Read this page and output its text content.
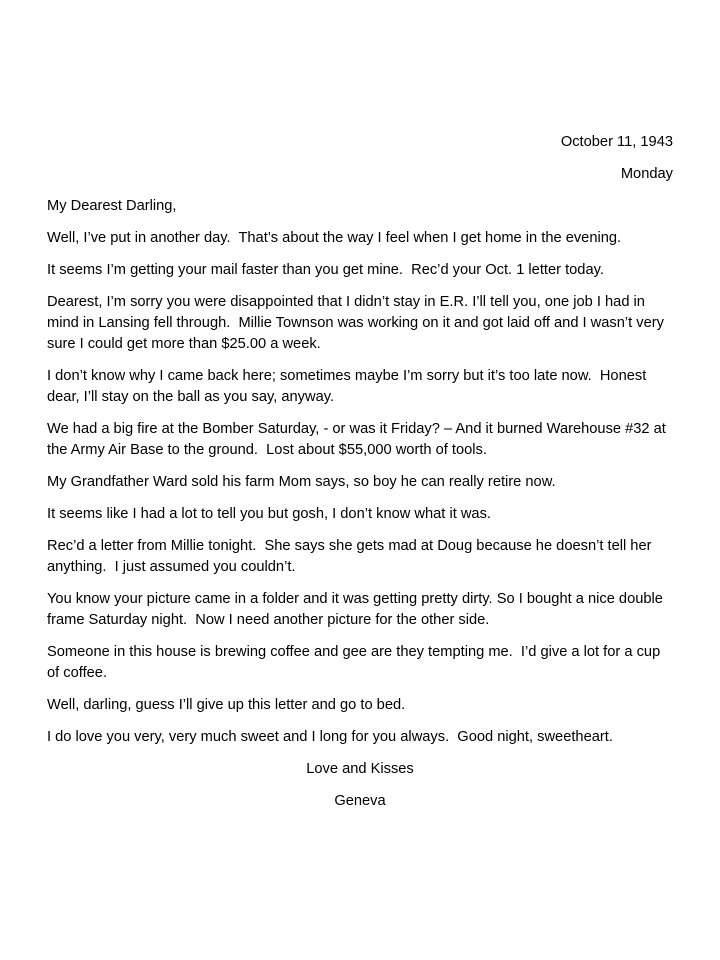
October 11, 1943

Monday

My Dearest Darling,

Well, I’ve put in another day.  That’s about the way I feel when I get home in the evening.

It seems I’m getting your mail faster than you get mine.  Rec’d your Oct. 1 letter today.

Dearest, I’m sorry you were disappointed that I didn’t stay in E.R. I’ll tell you, one job I had in mind in Lansing fell through.  Millie Townson was working on it and got laid off and I wasn’t very sure I could get more than $25.00 a week.

I don’t know why I came back here; sometimes maybe I’m sorry but it’s too late now.  Honest dear, I’ll stay on the ball as you say, anyway.

We had a big fire at the Bomber Saturday, - or was it Friday? – And it burned Warehouse #32 at the Army Air Base to the ground.  Lost about $55,000 worth of tools.

My Grandfather Ward sold his farm Mom says, so boy he can really retire now.

It seems like I had a lot to tell you but gosh, I don’t know what it was.

Rec’d a letter from Millie tonight.  She says she gets mad at Doug because he doesn’t tell her anything.  I just assumed you couldn’t.

You know your picture came in a folder and it was getting pretty dirty. So I bought a nice double frame Saturday night.  Now I need another picture for the other side.

Someone in this house is brewing coffee and gee are they tempting me.  I’d give a lot for a cup of coffee.

Well, darling, guess I’ll give up this letter and go to bed.

I do love you very, very much sweet and I long for you always.  Good night, sweetheart.

Love and Kisses

Geneva
